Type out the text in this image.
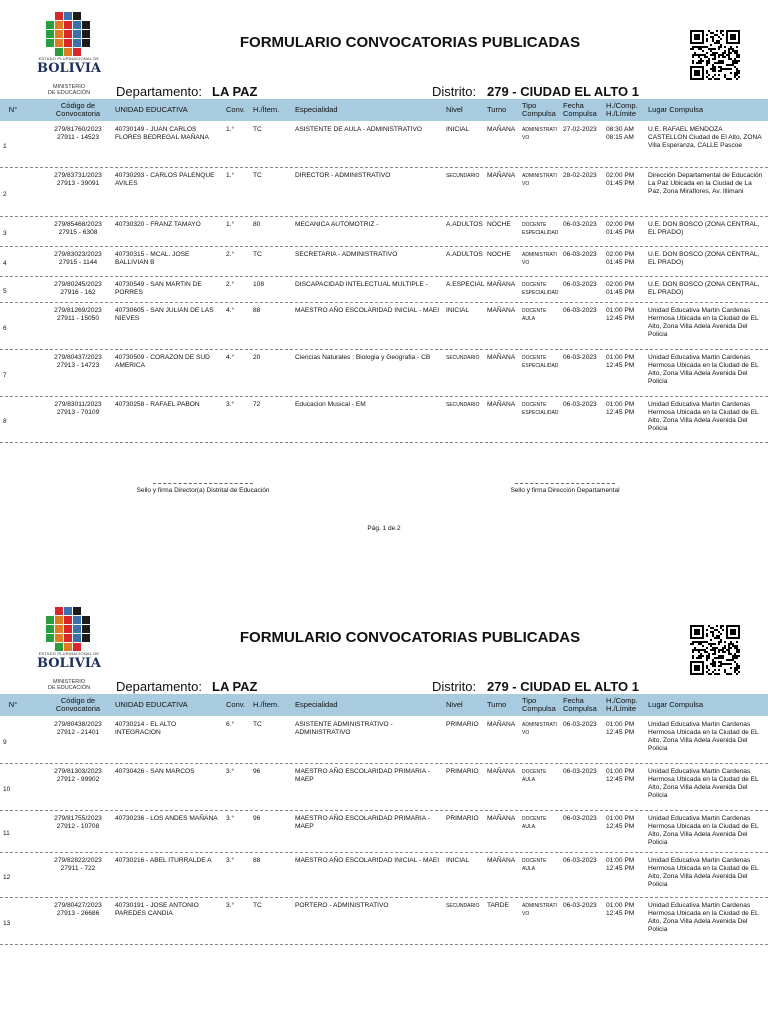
ESTADO PLURINACIONAL DE
BOLIVIA
MINISTERIO
DE EDUCACIÓN
FORMULARIO CONVOCATORIAS PUBLICADAS
Departamento: LA PAZ	Distrito: 279 - CIUDAD EL ALTO 1
N°	Código de Convocatoria	UNIDAD EDUCATIVA	Conv.	H./Ítem.	Especialidad	Nivel	Turno	Tipo Compulsa
Fecha Compulsa
H./Comp. H./Límite	Lugar Compulsa
1
279/81760/2023 27911 - 14523
40730149 - JUAN CARLOS FLORES BEDREGAL MAÑANA
1.°	TC	ASISTENTE DE AULA - ADMINISTRATIVO	INICIAL	MAÑANA	ADMINISTRATI VO
27-02-2023	08:30 AM 08:15 AM
U.E. RAFAEL MENDOZA CASTELLON Ciudad de El Alto, ZONA Villa Esperanza, CALLE Pascoe
2
279/83731/2023 27913 - 39091
40730293 - CARLOS PALENQUE AVILES
1.°	TC	DIRECTOR - ADMINISTRATIVO	SECUNDARIO	MAÑANA	ADMINISTRATI VO
28-02-2023	02:00 PM 01:45 PM
Dirección Departamental de Educación La Paz Ubicada en la Ciudad de La Paz, Zona Miraflores, Av. Illimani
3
279/85468/2023 27915 - 6308
40730320 - FRANZ TAMAYO	1.°	80	MECANICA AUTOMOTRIZ -	A.ADULTOS NOCHE	DOCENTE ESPECIALIDAD
06-03-2023	02:00 PM 01:45 PM
U.E. DON BOSCO (ZONA CENTRAL, EL PRADO)
4
279/83023/2023 27915 - 1144
40730315 - MCAL. JOSE BALLIVIAN B
2.°	TC	SECRETARIA - ADMINISTRATIVO	A.ADULTOS NOCHE	ADMINISTRATI VO
06-03-2023	02:00 PM 01:45 PM
U.E. DON BOSCO (ZONA CENTRAL, EL PRADO)
5
279/80245/2023 27916 - 162
40730549 - SAN MARTIN DE PORRES
2.°	108	DISCAPACIDAD INTELECTUAL MULTIPLE -	A.ESPECIAL MAÑANA	DOCENTE ESPECIALIDAD
06-03-2023	02:00 PM 01:45 PM
U.E. DON BOSCO (ZONA CENTRAL, EL PRADO)
6
279/81269/2023 27911 - 15050
40730605 - SAN JULIAN DE LAS NIEVES
4.°	88	MAESTRO AÑO ESCOLARIDAD INICIAL - MAEI INICIAL	MAÑANA	DOCENTE AULA
06-03-2023	01:00 PM 12:45 PM
Unidad Educativa Martin Cardenas Hermosa Ubicada en la Ciudad de EL Alto, Zona Villa Adela Avenida Del Policia
7
279/80437/2023 27913 - 14723
40730509 - CORAZON DE SUD AMERICA
4.°	20	Ciencias Naturales : Biologia y Geografia - CB	SECUNDARIO	MAÑANA	DOCENTE ESPECIALIDAD
06-03-2023	01:00 PM 12:45 PM
Unidad Educativa Martin Cardenas Hermosa Ubicada en la Ciudad de EL Alto, Zona Villa Adela Avenida Del Policia
8
279/83011/2023 27913 - 70109
40730258 - RAFAEL PABON	3.°	72	Educacion Musical - EM	SECUNDARIO	MAÑANA	DOCENTE ESPECIALIDAD
06-03-2023	01:00 PM 12:45 PM
Unidad Educativa Martin Cardenas Hermosa Ubicada en la Ciudad de EL Alto, Zona Villa Adela Avenida Del Policia
Sello y firma Director(a) Distrital de Educación	Sello y firma Dirección Departamental
Pág. 1 de 2
ESTADO PLURINACIONAL DE
BOLIVIA
MINISTERIO
DE EDUCACIÓN
FORMULARIO CONVOCATORIAS PUBLICADAS
Departamento: LA PAZ	Distrito: 279 - CIUDAD EL ALTO 1
N°	Código de Convocatoria	UNIDAD EDUCATIVA	Conv.	H./Ítem.	Especialidad	Nivel	Turno	Tipo Compulsa
Fecha Compulsa
H./Comp. H./Límite	Lugar Compulsa
9
279/80438/2023 27912 - 21401
40730214 - EL ALTO INTEGRACION
6.°	TC	ASISTENTE ADMINISTRATIVO - ADMINISTRATIVO
PRIMARIO	MAÑANA	ADMINISTRATI VO
06-03-2023	01:00 PM 12:45 PM
Unidad Educativa Martin Cardenas Hermosa Ubicada en la Ciudad de EL Alto, Zona Villa Adela Avenida Del Policia
10
279/81303/2023 27912 - 99902
40730426 - SAN MARCOS	3.°	96	MAESTRO AÑO ESCOLARIDAD PRIMARIA - MAEP
PRIMARIO	MAÑANA	DOCENTE AULA
06-03-2023	01:00 PM 12:45 PM
Unidad Educativa Martin Cardenas Hermosa Ubicada en la Ciudad de EL Alto, Zona Villa Adela Avenida Del Policia
11
279/81755/2023 27912 - 10708
40730236 - LOS ANDES MAÑANA	3.°	96	MAESTRO AÑO ESCOLARIDAD PRIMARIA - MAEP
PRIMARIO	MAÑANA	DOCENTE AULA
06-03-2023	01:00 PM 12:45 PM
Unidad Educativa Martin Cardenas Hermosa Ubicada en la Ciudad de EL Alto, Zona Villa Adela Avenida Del Policia
12
279/82822/2023 27911 - 722
40730216 - ABEL ITURRALDE A	3.°	88	MAESTRO AÑO ESCOLARIDAD INICIAL - MAEI INICIAL	MAÑANA	DOCENTE AULA
06-03-2023	01:00 PM 12:45 PM
Unidad Educativa Martin Cardenas Hermosa Ubicada en la Ciudad de EL Alto, Zona Villa Adela Avenida Del Policia
13
279/80427/2023 27913 - 26686
40730191 - JOSE ANTONIO PAREDES CANDIA
3.°	TC	PORTERO - ADMINISTRATIVO	SECUNDARIO	TARDE	ADMINISTRATI VO
06-03-2023	01:00 PM 12:45 PM
Unidad Educativa Martin Cardenas Hermosa Ubicada en la Ciudad de EL Alto, Zona Villa Adela Avenida Del Policia
